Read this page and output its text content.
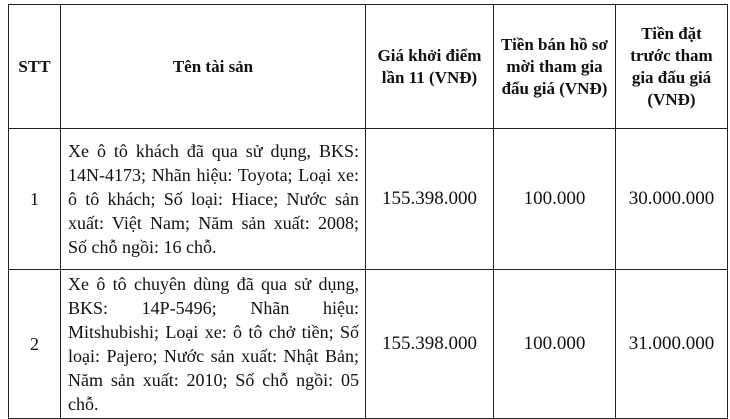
STT	Tên tài sản	Giá khởi điểm lần 11 (VNĐ)	Tiền bán hồ sơ mời tham gia đấu giá (VNĐ)	Tiền đặt trước tham gia đấu giá (VNĐ)

1	Xe ô tô khách đã qua sử dụng, BKS: 14N-4173; Nhãn hiệu: Toyota; Loại xe: ô tô khách; Số loại: Hiace; Nước sản xuất: Việt Nam; Năm sản xuất: 2008; Số chỗ ngồi: 16 chỗ.	155.398.000	100.000	30.000.000
2	Xe ô tô chuyên dùng đã qua sử dụng, BKS: 14P-5496; Nhãn hiệu: Mitshubishi; Loại xe: ô tô chở tiền; Số loại: Pajero; Nước sản xuất: Nhật Bản; Năm sản xuất: 2010; Số chỗ ngồi: 05 chỗ.	155.398.000	100.000	31.000.000
